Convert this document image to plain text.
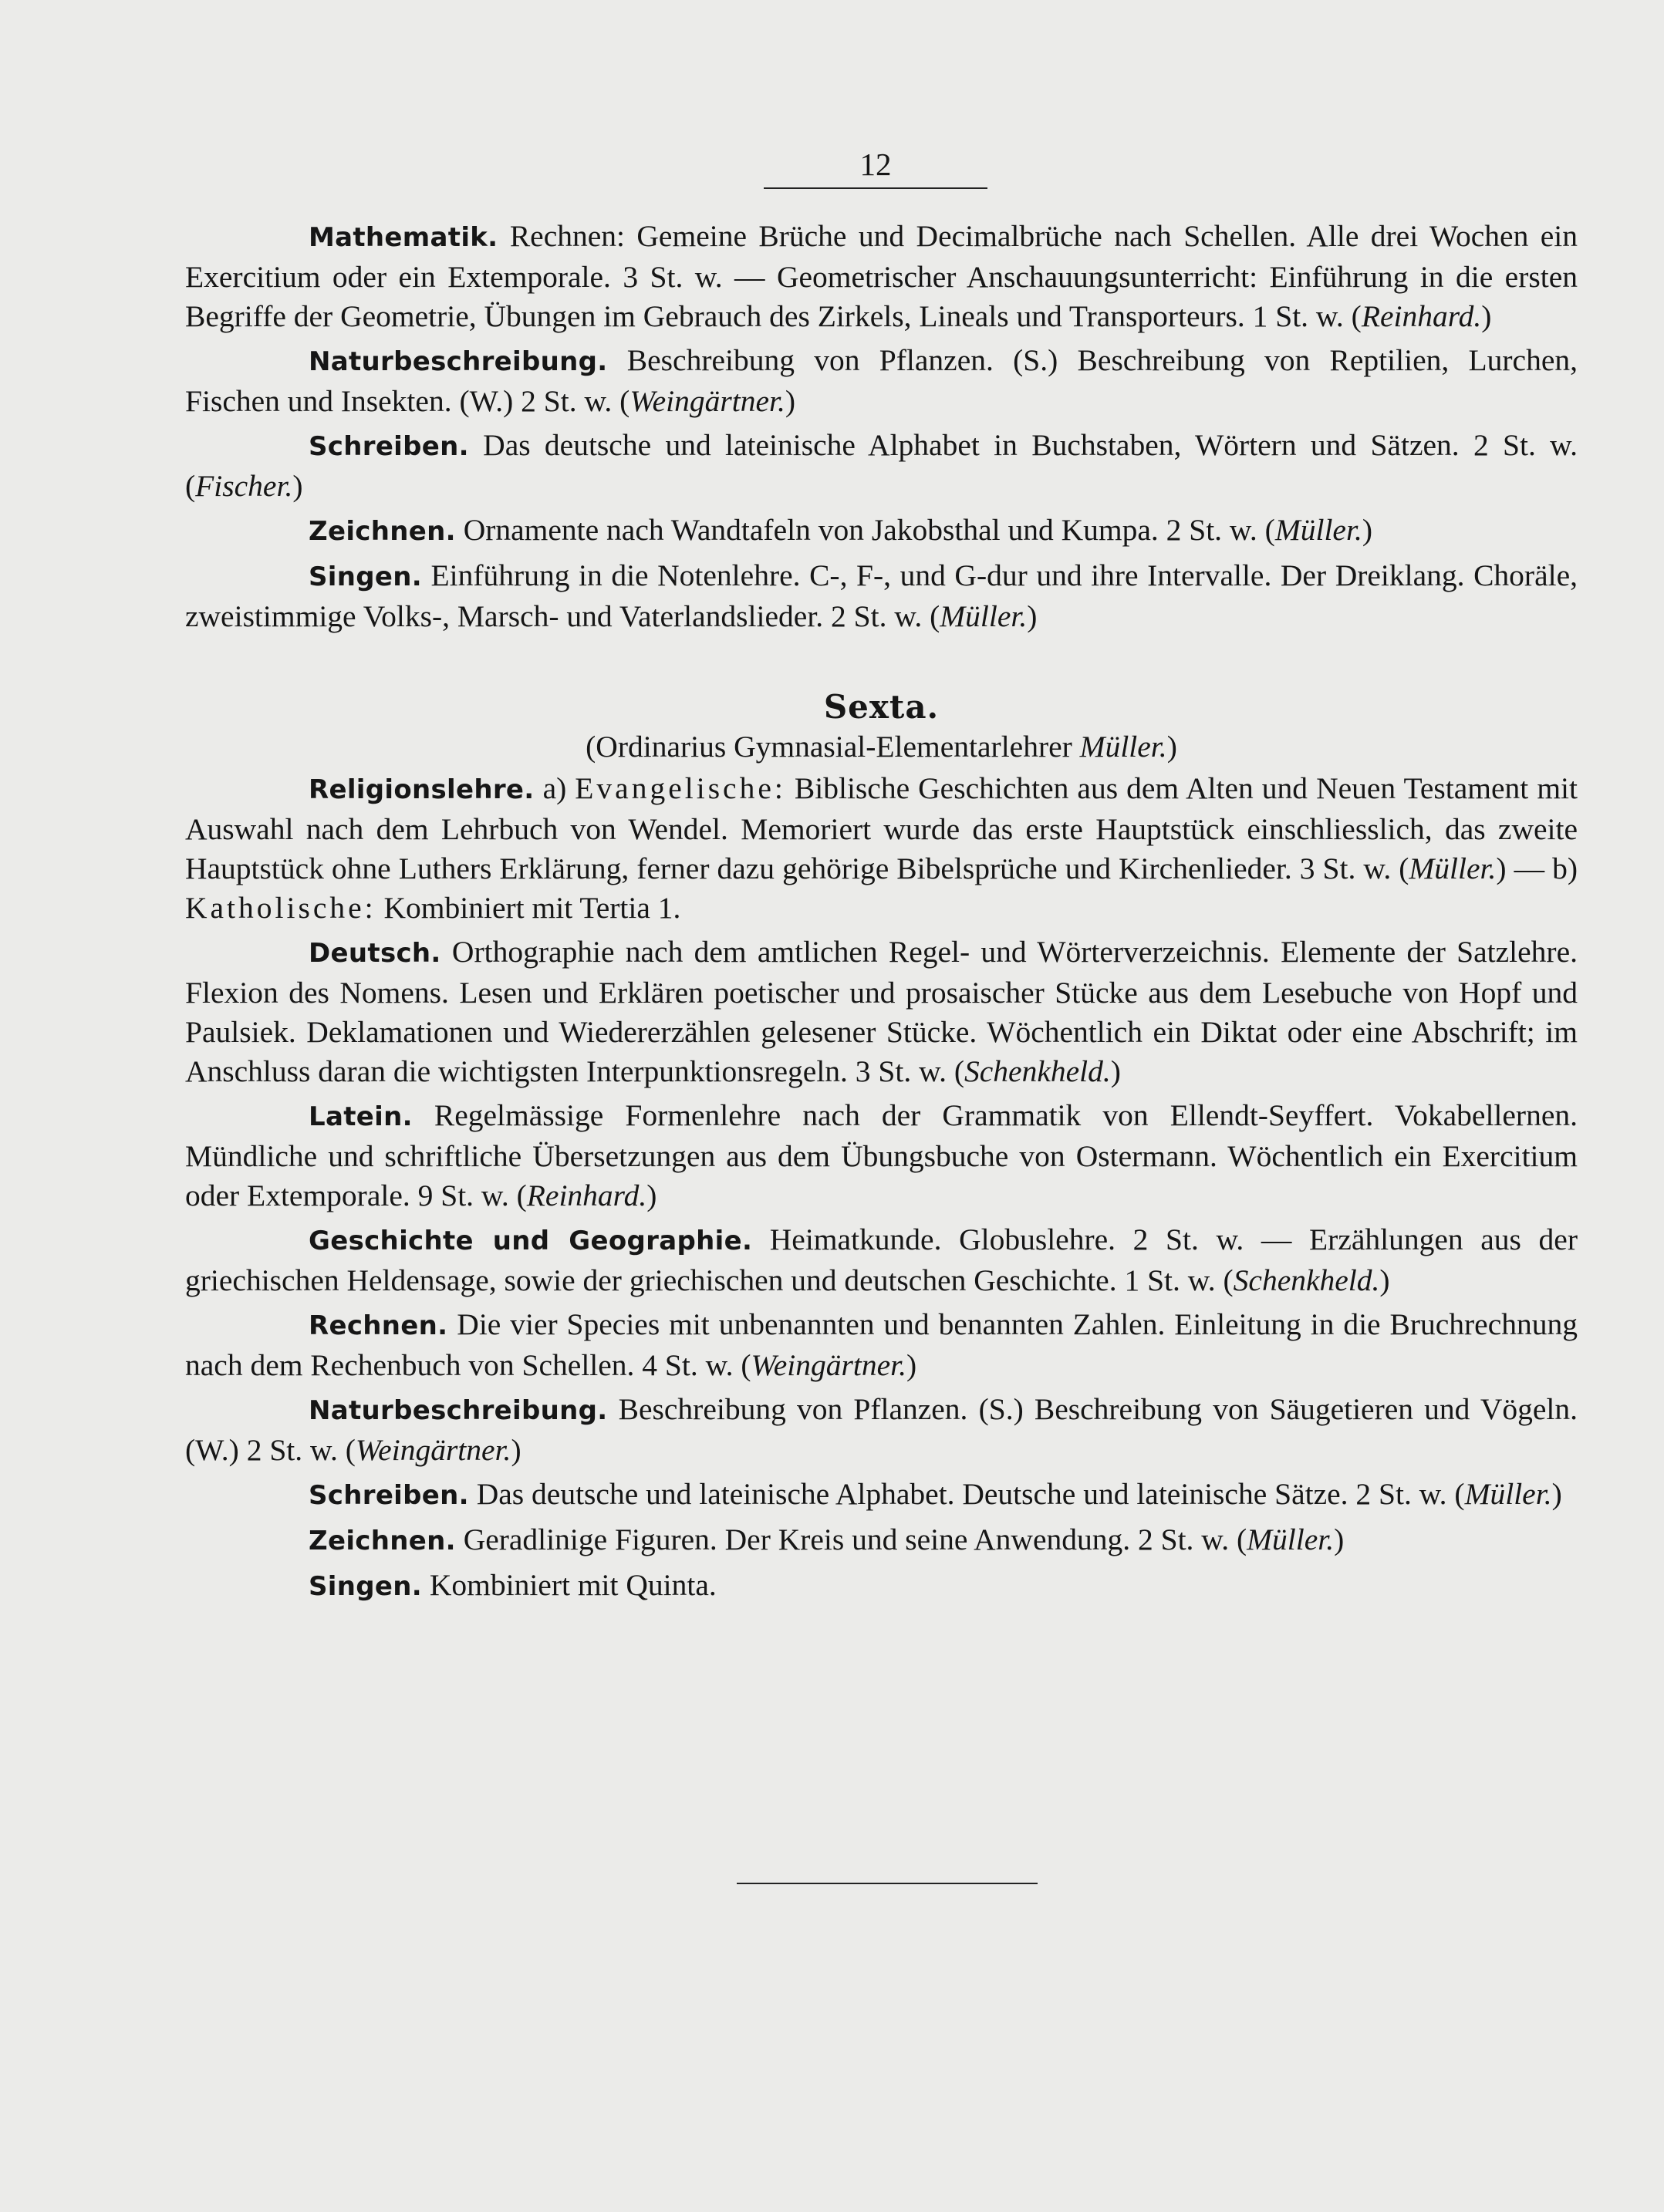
12

Mathematik. Rechnen: Gemeine Brüche und Decimalbrüche nach Schellen. Alle drei Wochen ein Exercitium oder ein Extemporale. 3 St. w. — Geometrischer Anschauungsunterricht: Einführung in die ersten Begriffe der Geometrie, Übungen im Gebrauch des Zirkels, Lineals und Transporteurs. 1 St. w. (Reinhard.)

Naturbeschreibung. Beschreibung von Pflanzen. (S.) Beschreibung von Reptilien, Lurchen, Fischen und Insekten. (W.) 2 St. w. (Weingärtner.)

Schreiben. Das deutsche und lateinische Alphabet in Buchstaben, Wörtern und Sätzen. 2 St. w. (Fischer.)

Zeichnen. Ornamente nach Wandtafeln von Jakobsthal und Kumpa. 2 St. w. (Müller.)

Singen. Einführung in die Notenlehre. C-, F-, und G-dur und ihre Intervalle. Der Dreiklang. Choräle, zweistimmige Volks-, Marsch- und Vaterlandslieder. 2 St. w. (Müller.)

Sexta.
(Ordinarius Gymnasial-Elementarlehrer Müller.)

Religionslehre. a) Evangelische: Biblische Geschichten aus dem Alten und Neuen Testament mit Auswahl nach dem Lehrbuch von Wendel. Memoriert wurde das erste Hauptstück einschliesslich, das zweite Hauptstück ohne Luthers Erklärung, ferner dazu gehörige Bibelsprüche und Kirchenlieder. 3 St. w. (Müller.) — b) Katholische: Kombiniert mit Tertia 1.

Deutsch. Orthographie nach dem amtlichen Regel- und Wörterverzeichnis. Elemente der Satzlehre. Flexion des Nomens. Lesen und Erklären poetischer und prosaischer Stücke aus dem Lesebuche von Hopf und Paulsiek. Deklamationen und Wiedererzählen gelesener Stücke. Wöchentlich ein Diktat oder eine Abschrift; im Anschluss daran die wichtigsten Interpunktionsregeln. 3 St. w. (Schenkheld.)

Latein. Regelmässige Formenlehre nach der Grammatik von Ellendt-Seyffert. Vokabellernen. Mündliche und schriftliche Übersetzungen aus dem Übungsbuche von Ostermann. Wöchentlich ein Exercitium oder Extemporale. 9 St. w. (Reinhard.)

Geschichte und Geographie. Heimatkunde. Globuslehre. 2 St. w. — Erzählungen aus der griechischen Heldensage, sowie der griechischen und deutschen Geschichte. 1 St. w. (Schenkheld.)

Rechnen. Die vier Species mit unbenannten und benannten Zahlen. Einleitung in die Bruchrechnung nach dem Rechenbuch von Schellen. 4 St. w. (Weingärtner.)

Naturbeschreibung. Beschreibung von Pflanzen. (S.) Beschreibung von Säugetieren und Vögeln. (W.) 2 St. w. (Weingärtner.)

Schreiben. Das deutsche und lateinische Alphabet. Deutsche und lateinische Sätze. 2 St. w. (Müller.)

Zeichnen. Geradlinige Figuren. Der Kreis und seine Anwendung. 2 St. w. (Müller.)

Singen. Kombiniert mit Quinta.
